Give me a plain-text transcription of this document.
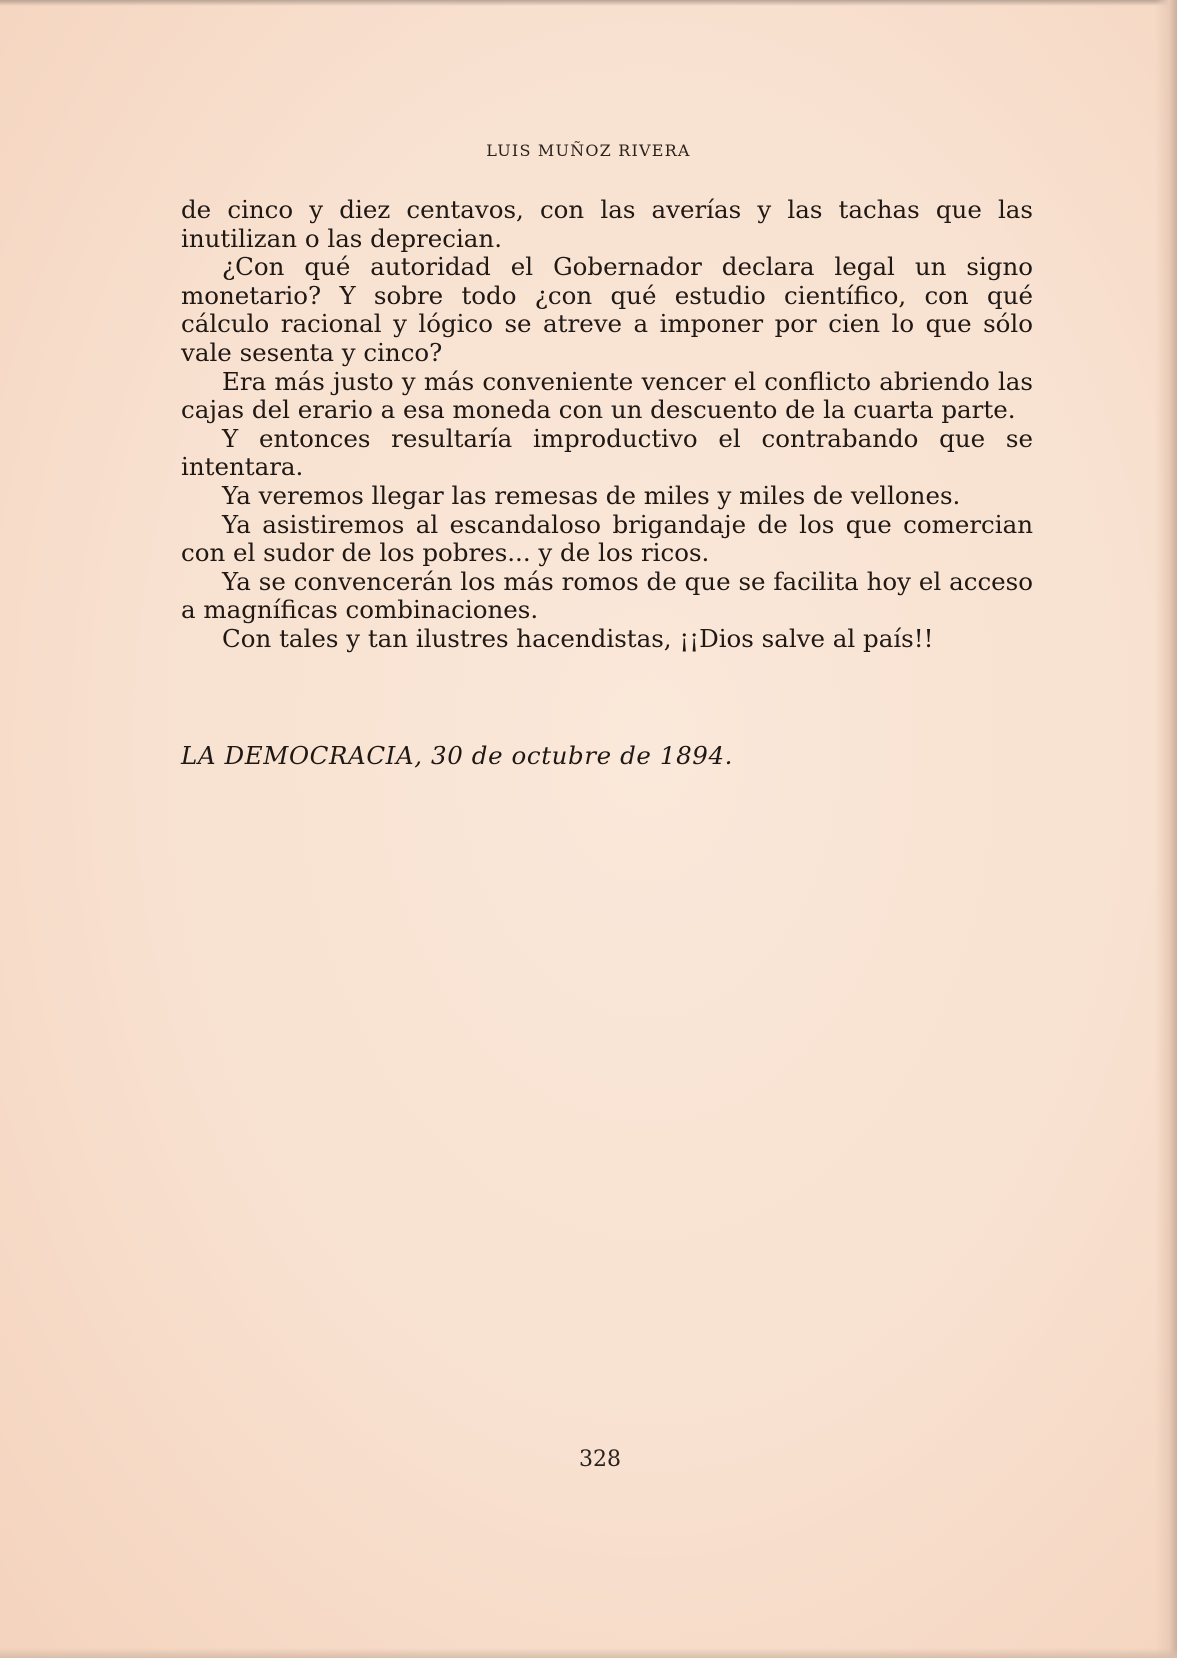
LUIS MUÑOZ RIVERA

de cinco y diez centavos, con las averías y las tachas que las inutilizan o las deprecian.

¿Con qué autoridad el Gobernador declara legal un signo monetario? Y sobre todo ¿con qué estudio científico, con qué cálculo racional y lógico se atreve a imponer por cien lo que sólo vale sesenta y cinco?

Era más justo y más conveniente vencer el conflicto abriendo las cajas del erario a esa moneda con un descuento de la cuarta parte.

Y entonces resultaría improductivo el contrabando que se intentara.

Ya veremos llegar las remesas de miles y miles de vellones.

Ya asistiremos al escandaloso brigandaje de los que comercian con el sudor de los pobres... y de los ricos.

Ya se convencerán los más romos de que se facilita hoy el acceso a magníficas combinaciones.

Con tales y tan ilustres hacendistas, ¡¡Dios salve al país!!

LA DEMOCRACIA, 30 de octubre de 1894.
328
